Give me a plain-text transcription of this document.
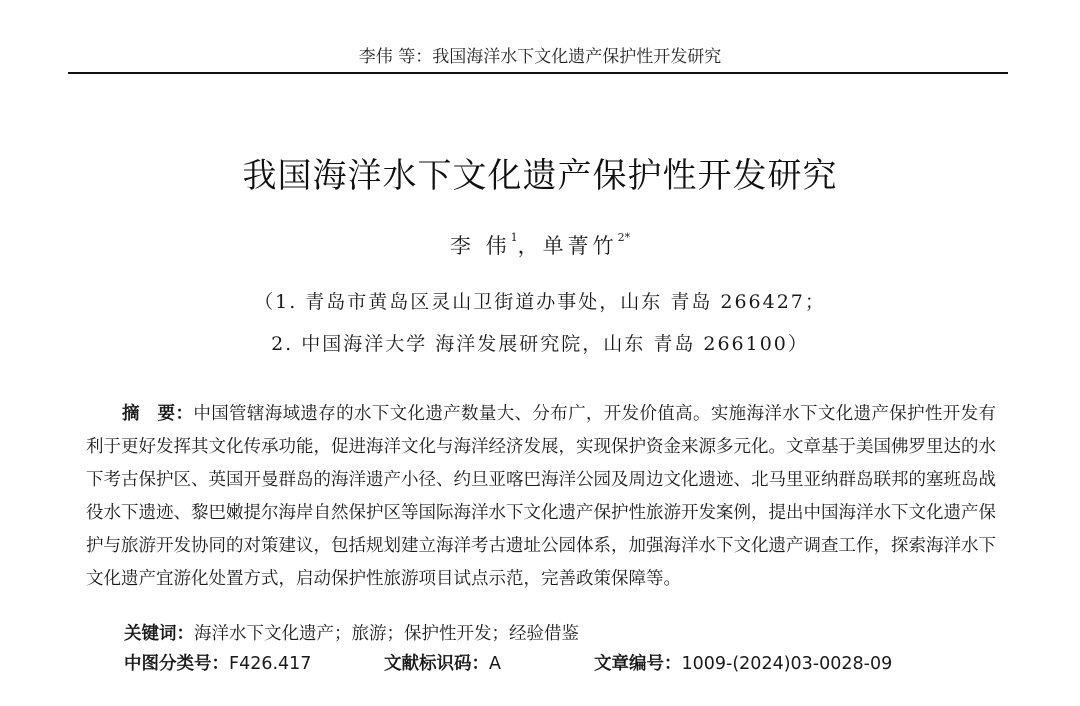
李伟 等：我国海洋水下文化遗产保护性开发研究
我国海洋水下文化遗产保护性开发研究
李 伟$^1$，单菁竹$^{2*}$
（1. 青岛市黄岛区灵山卫街道办事处，山东 青岛 266427；
2. 中国海洋大学 海洋发展研究院，山东 青岛 266100）
摘　要：中国管辖海域遗存的水下文化遗产数量大、分布广，开发价值高。实施海洋水下文化遗产保护性开发有利于更好发挥其文化传承功能，促进海洋文化与海洋经济发展，实现保护资金来源多元化。文章基于美国佛罗里达的水下考古保护区、英国开曼群岛的海洋遗产小径、约旦亚喀巴海洋公园及周边文化遗迹、北马里亚纳群岛联邦的塞班岛战役水下遗迹、黎巴嫩提尔海岸自然保护区等国际海洋水下文化遗产保护性旅游开发案例，提出中国海洋水下文化遗产保护与旅游开发协同的对策建议，包括规划建立海洋考古遗址公园体系，加强海洋水下文化遗产调查工作，探索海洋水下文化遗产宜游化处置方式，启动保护性旅游项目试点示范，完善政策保障等。
关键词：海洋水下文化遗产；旅游；保护性开发；经验借鉴
中图分类号：F426.417	文献标识码：A	文章编号：1009-(2024)03-0028-09
